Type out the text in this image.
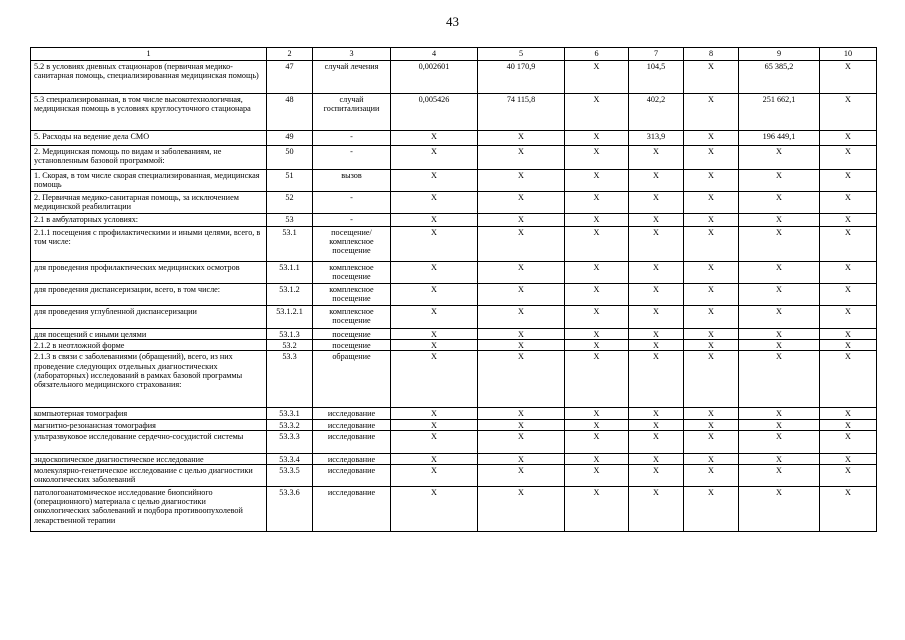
43
1	2	3	4	5	6	7	8	9	10
5.2 в условиях дневных стационаров (первичная медико-санитарная помощь, специализированная медицинская помощь)	47	случай лечения	0,002601	40 170,9	X	104,5	X	65 385,2	X
5.3 специализированная, в том числе высокотехнологичная, медицинская помощь в условиях круглосуточного стационара	48	случай госпитализации	0,005426	74 115,8	X	402,2	X	251 662,1	X
5. Расходы на ведение дела СМО	49	-	X	X	X	313,9	X	196 449,1	X
2. Медицинская помощь по видам и заболеваниям, не установленным базовой программой:	50	-	X	X	X	X	X	X	X
1. Скорая, в том числе скорая специализированная, медицинская помощь	51	вызов	X	X	X	X	X	X	X
2. Первичная медико-санитарная помощь, за исключением медицинской реабилитации	52	-	X	X	X	X	X	X	X
2.1 в амбулаторных условиях:	53	-	X	X	X	X	X	X	X
2.1.1 посещения с профилактическими и иными целями, всего, в том числе:	53.1	посещение/ комплексное посещение	X	X	X	X	X	X	X
для проведения профилактических медицинских осмотров	53.1.1	комплексное посещение	X	X	X	X	X	X	X
для проведения диспансеризации, всего, в том числе:	53.1.2	комплексное посещение	X	X	X	X	X	X	X
для проведения углубленной диспансеризации	53.1.2.1	комплексное посещение	X	X	X	X	X	X	X
для посещений с иными целями	53.1.3	посещение	X	X	X	X	X	X	X
2.1.2 в неотложной форме	53.2	посещение	X	X	X	X	X	X	X
2.1.3 в связи с заболеваниями (обращений), всего, из них проведение следующих отдельных диагностических (лабораторных) исследований в рамках базовой программы обязательного медицинского страхования:	53.3	обращение	X	X	X	X	X	X	X
компьютерная томография	53.3.1	исследование	X	X	X	X	X	X	X
магнитно-резонансная томография	53.3.2	исследование	X	X	X	X	X	X	X
ультразвуковое исследование сердечно-сосудистой системы	53.3.3	исследование	X	X	X	X	X	X	X
эндоскопическое диагностическое исследование	53.3.4	исследование	X	X	X	X	X	X	X
молекулярно-генетическое исследование с целью диагностики онкологических заболеваний	53.3.5	исследование	X	X	X	X	X	X	X
патологоанатомическое исследование биопсийного (операционного) материала с целью диагностики онкологических заболеваний и подбора противоопухолевой лекарственной терапии	53.3.6	исследование	X	X	X	X	X	X	X
